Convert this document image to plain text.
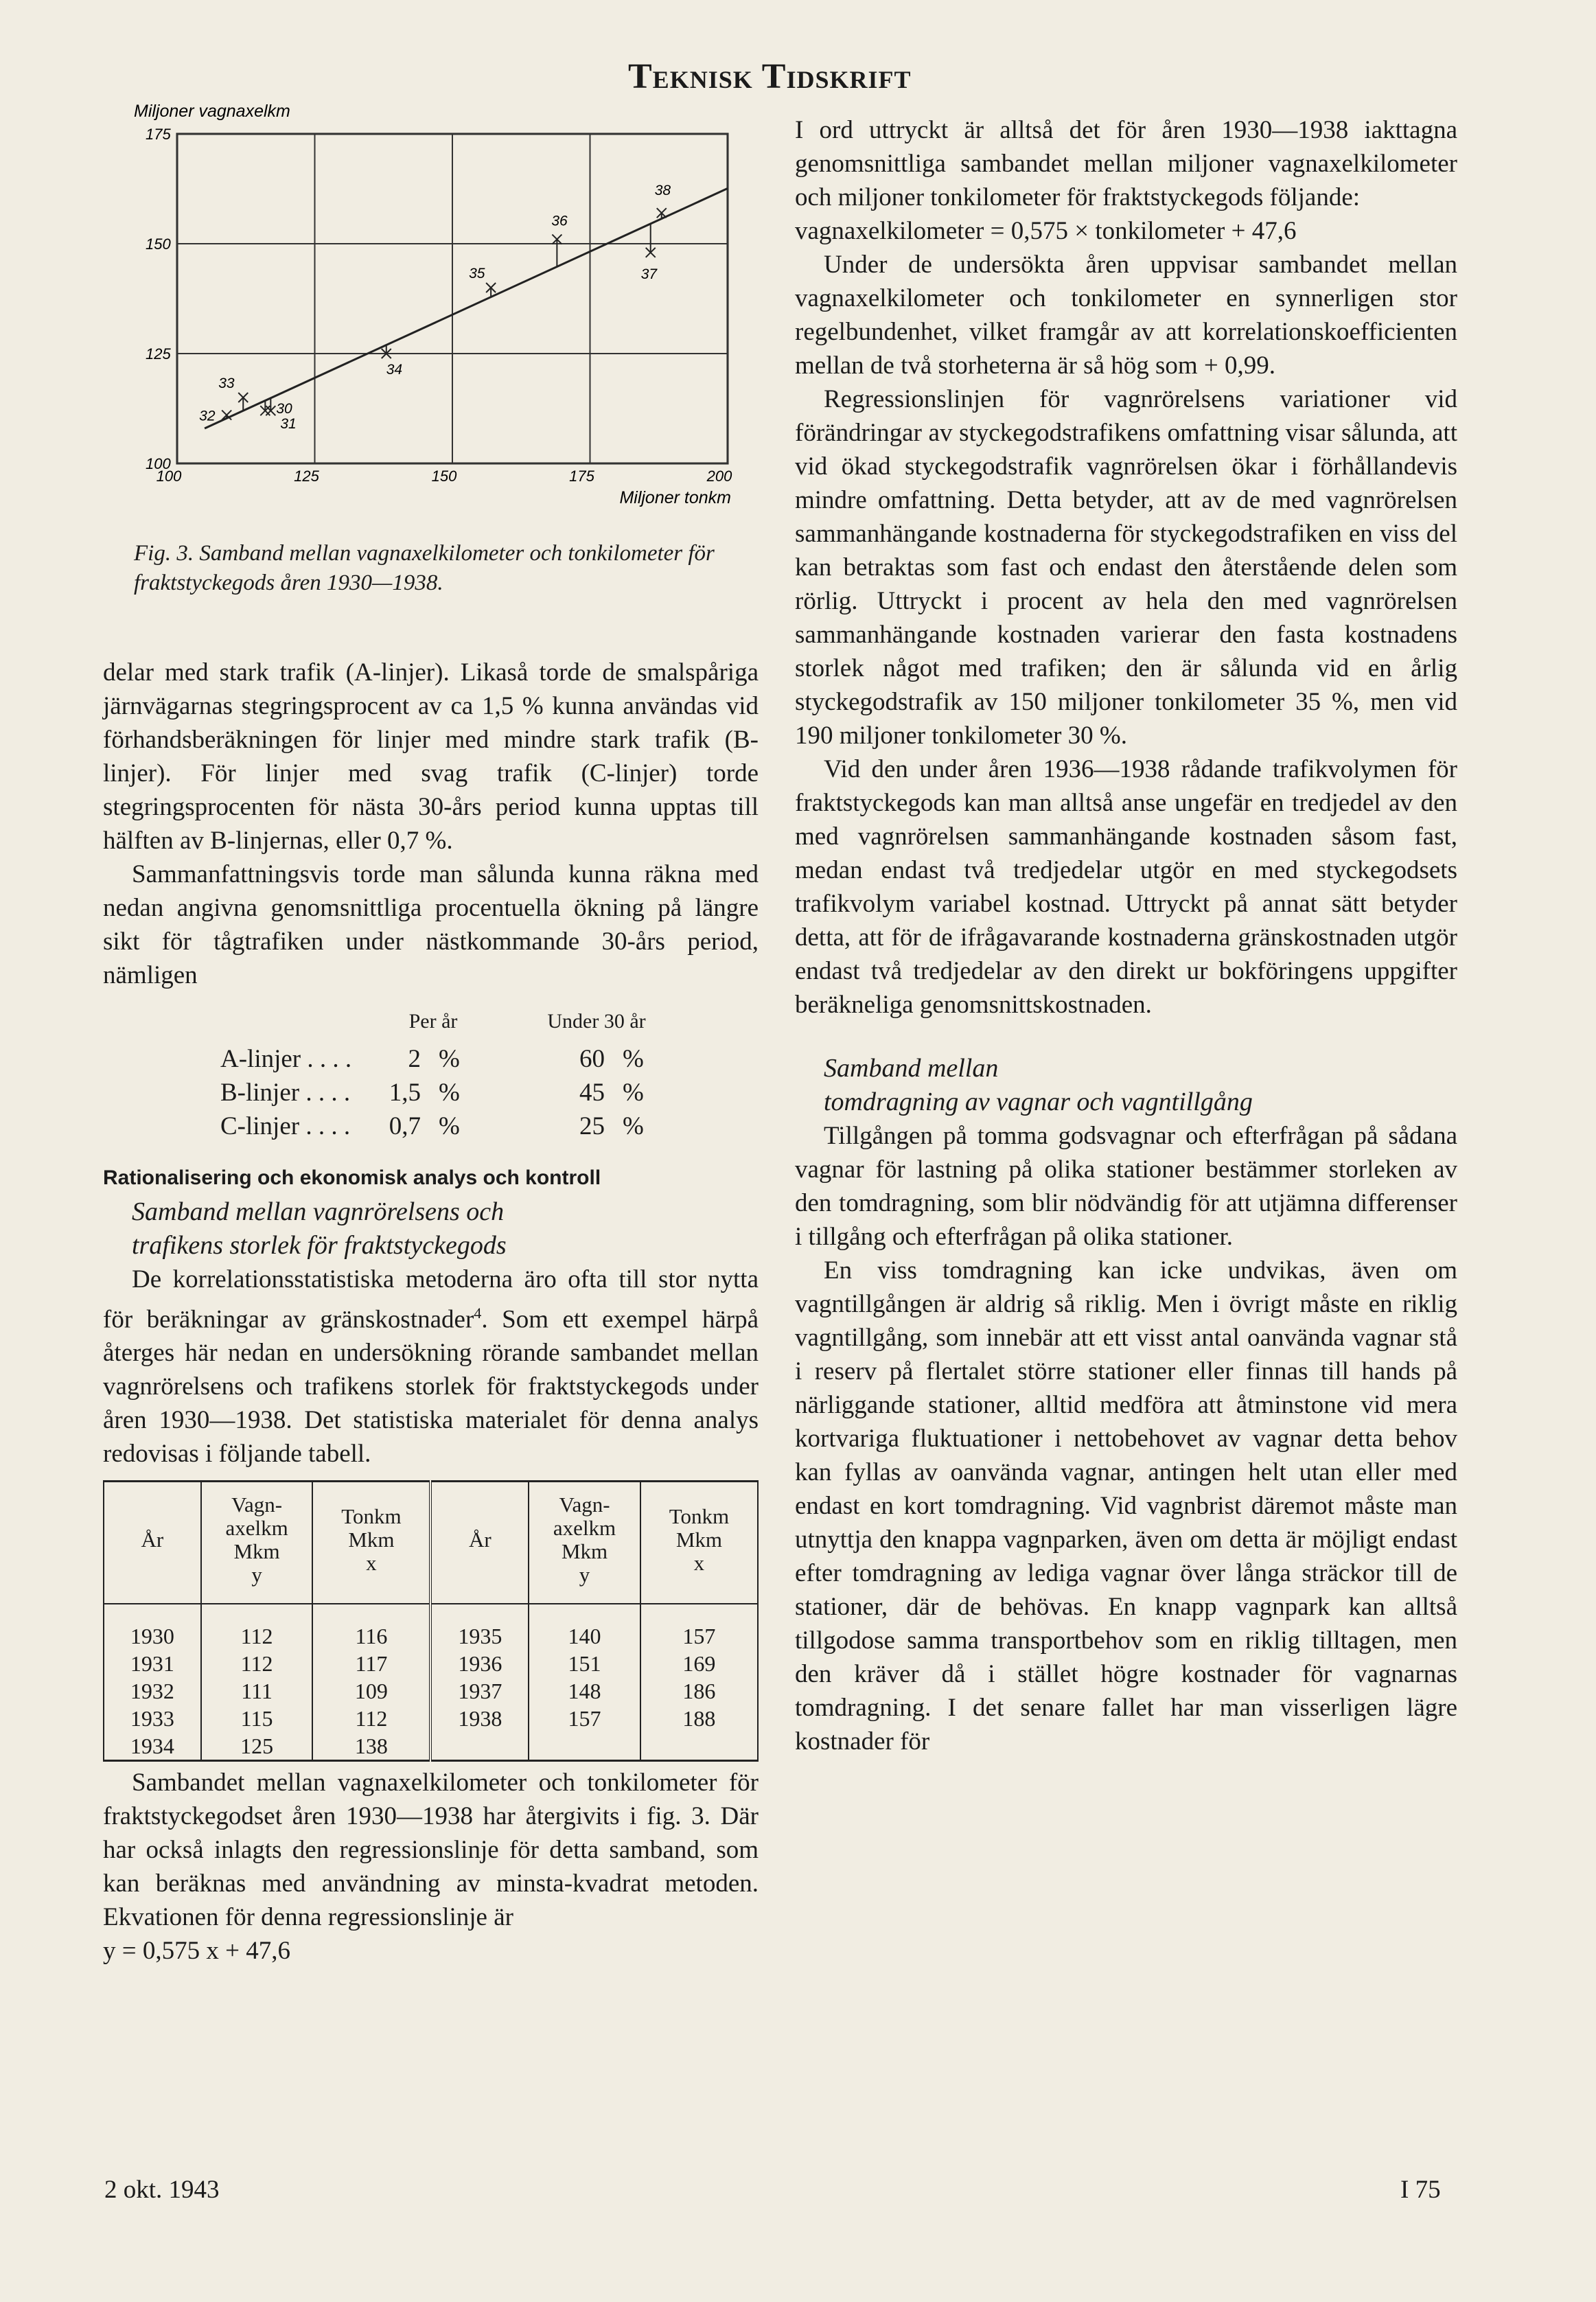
Teknisk Tidskrift
100	125	150	175	200
175
150
125
100
Miljoner vagnaxelkm
Miljoner tonkm
30
31
32
33
34
35
36
37
38
Fig. 3. Samband mellan vagnaxelkilometer och tonkilometer för fraktstyckegods åren 1930—1938.

delar med stark trafik (A-linjer). Likaså torde de smalspåriga järnvägarnas stegringsprocent av ca 1,5 % kunna användas vid förhandsberäkningen för linjer med mindre stark trafik (B-linjer). För linjer med svag trafik (C-linjer) torde stegringsprocenten för nästa 30-års period kunna upptas till hälften av B-linjernas, eller 0,7 %.

Sammanfattningsvis torde man sålunda kunna räkna med nedan angivna genomsnittliga procentuella ökning på längre sikt för tågtrafiken under nästkommande 30-års period, nämligen

	Per år		Under 30 år	
A-linjer . . . .	2	%	60	%
B-linjer . . . .	1,5	%	45	%
C-linjer . . . .	0,7	%	25	%
Rationalisering och ekonomisk analys och kontroll
Samband mellan vagnrörelsens och
trafikens storlek för fraktstyckegods

De korrelationsstatistiska metoderna äro ofta till stor nytta för beräkningar av gränskostnader$^4$. Som ett exempel härpå återges här nedan en undersökning rörande sambandet mellan vagnrörelsens och trafikens storlek för fraktstyckegods under åren 1930—1938. Det statistiska materialet för denna analys redovisas i följande tabell.

År	Vagn-
axelkm
Mkm
y	Tonkm
Mkm
x	År	Vagn-
axelkm
Mkm
y	Tonkm
Mkm
x

1930	112	116	1935	140	157
1931	112	117	1936	151	169
1932	111	109	1937	148	186
1933	115	112	1938	157	188
1934	125	138			

Sambandet mellan vagnaxelkilometer och tonkilometer för fraktstyckegodset åren 1930—1938 har återgivits i fig. 3. Där har också inlagts den regressionslinje för detta samband, som kan beräknas med användning av minsta-kvadrat metoden. Ekvationen för denna regressionslinje är

y = 0,575 x + 47,6

I ord uttryckt är alltså det för åren 1930—1938 iakttagna genomsnittliga sambandet mellan miljoner vagnaxelkilometer och miljoner tonkilometer för fraktstyckegods följande:

vagnaxelkilometer = 0,575 × tonkilometer + 47,6

Under de undersökta åren uppvisar sambandet mellan vagnaxelkilometer och tonkilometer en synnerligen stor regelbundenhet, vilket framgår av att korrelationskoefficienten mellan de två storheterna är så hög som + 0,99.

Regressionslinjen för vagnrörelsens variationer vid förändringar av styckegodstrafikens omfattning visar sålunda, att vid ökad styckegodstrafik vagnrörelsen ökar i förhållandevis mindre omfattning. Detta betyder, att av de med vagnrörelsen sammanhängande kostnaderna för styckegodstrafiken en viss del kan betraktas som fast och endast den återstående delen som rörlig. Uttryckt i procent av hela den med vagnrörelsen sammanhängande kostnaden varierar den fasta kostnadens storlek något med trafiken; den är sålunda vid en årlig styckegodstrafik av 150 miljoner tonkilometer 35 %, men vid 190 miljoner tonkilometer 30 %.

Vid den under åren 1936—1938 rådande trafikvolymen för fraktstyckegods kan man alltså anse ungefär en tredjedel av den med vagnrörelsen sammanhängande kostnaden såsom fast, medan endast två tredjedelar utgör en med styckegodsets trafikvolym variabel kostnad. Uttryckt på annat sätt betyder detta, att för de ifrågavarande kostnaderna gränskostnaden utgör endast två tredjedelar av den direkt ur bokföringens uppgifter beräkneliga genomsnittskostnaden.

Samband mellan
tomdragning av vagnar och vagntillgång

Tillgången på tomma godsvagnar och efterfrågan på sådana vagnar för lastning på olika stationer bestämmer storleken av den tomdragning, som blir nödvändig för att utjämna differenser i tillgång och efterfrågan på olika stationer.

En viss tomdragning kan icke undvikas, även om vagntillgången är aldrig så riklig. Men i övrigt måste en riklig vagntillgång, som innebär att ett visst antal oanvända vagnar stå i reserv på flertalet större stationer eller finnas till hands på närliggande stationer, alltid medföra att åtminstone vid mera kortvariga fluktuationer i nettobehovet av vagnar detta behov kan fyllas av oanvända vagnar, antingen helt utan eller med endast en kort tomdragning. Vid vagnbrist däremot måste man utnyttja den knappa vagnparken, även om detta är möjligt endast efter tomdragning av lediga vagnar över långa sträckor till de stationer, där de behövas. En knapp vagnpark kan alltså tillgodose samma transportbehov som en riklig tilltagen, men den kräver då i stället högre kostnader för vagnarnas tomdragning. I det senare fallet har man visserligen lägre kostnader för

2 okt. 1943	I 75
